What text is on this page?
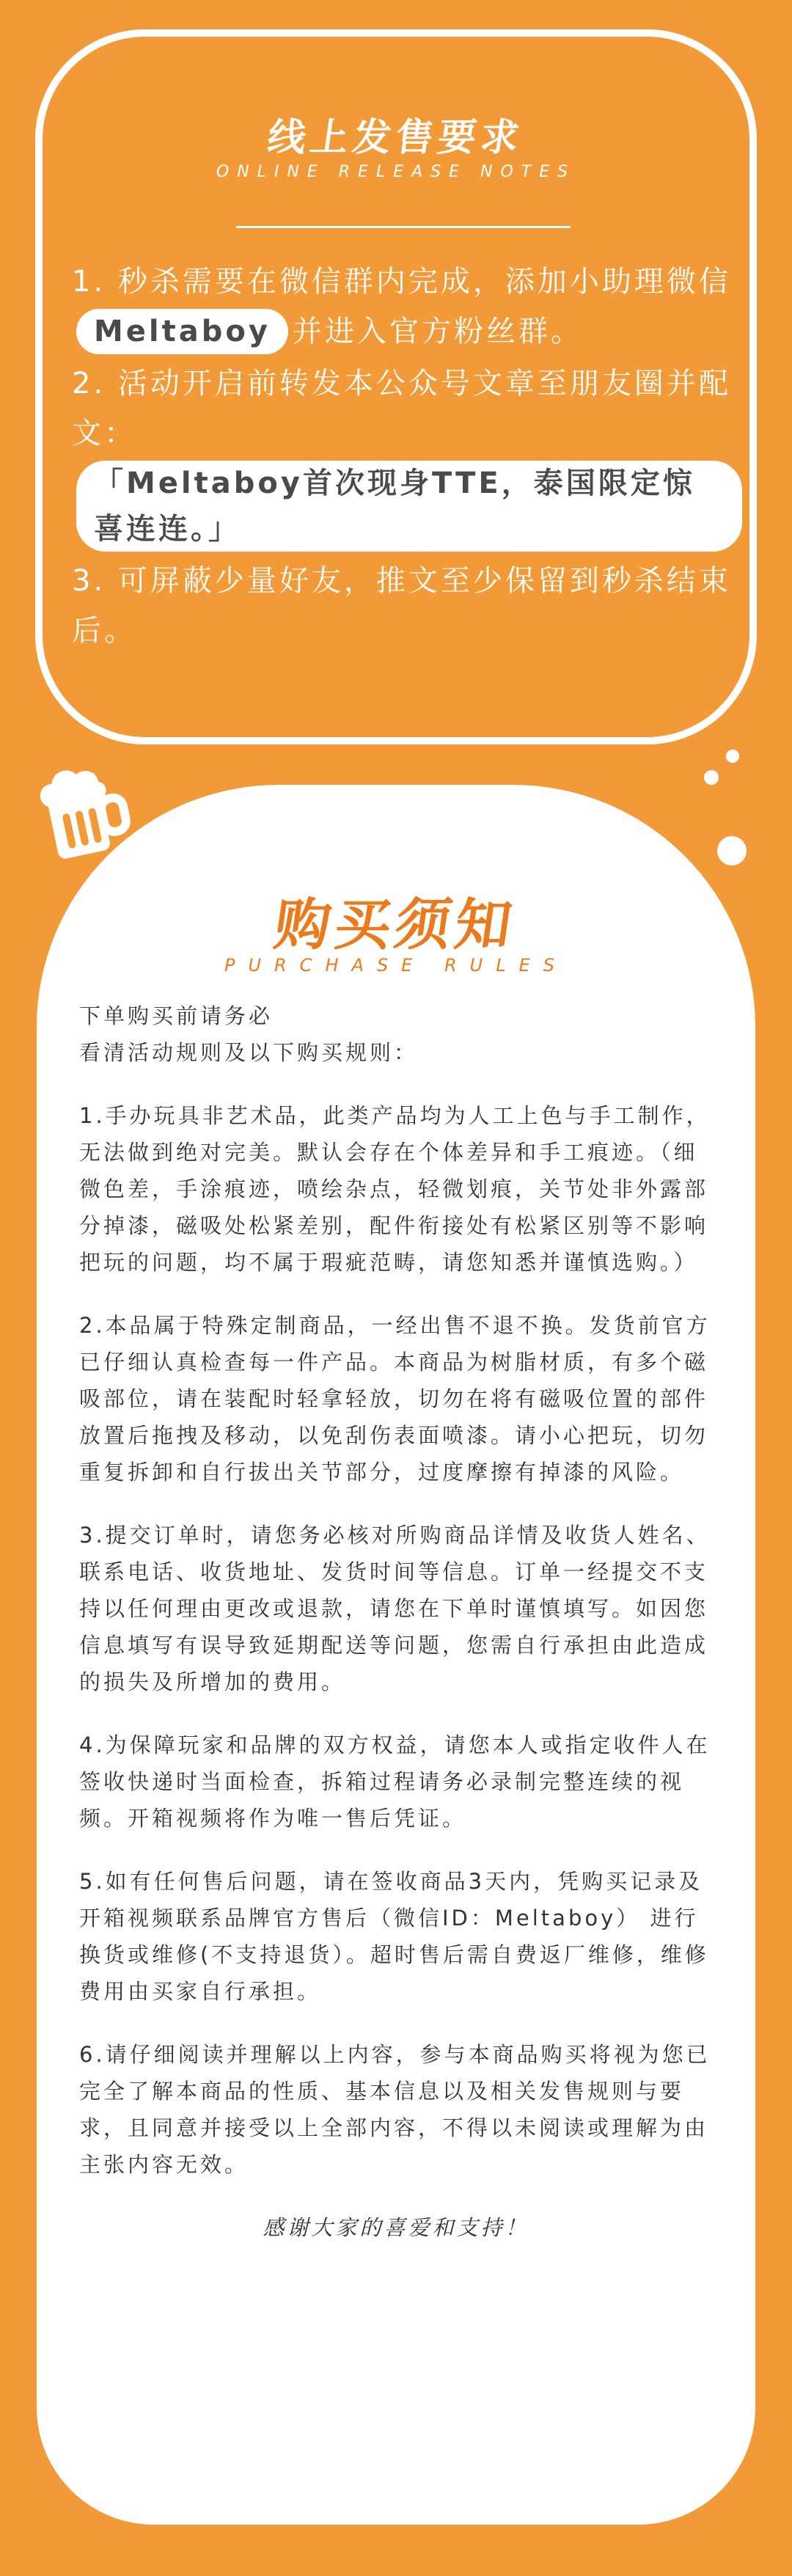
线上发售要求
ONLINE RELEASE NOTES

1. 秒杀需要在微信群内完成，添加小助理微信Meltaboy 并进入官方粉丝群。

2. 活动开启前转发本公众号文章至朋友圈并配文：「Meltaboy首次现身TTE，泰国限定惊喜连连。」

3. 可屏蔽少量好友，推文至少保留到秒杀结束后。

购买须知
PURCHASE RULES

下单购买前请务必
看清活动规则及以下购买规则：

1.手办玩具非艺术品，此类产品均为人工上色与手工制作，无法做到绝对完美。默认会存在个体差异和手工痕迹。（细微色差，手涂痕迹，喷绘杂点，轻微划痕，关节处非外露部分掉漆，磁吸处松紧差别，配件衔接处有松紧区别等不影响把玩的问题，均不属于瑕疵范畴，请您知悉并谨慎选购。）

2.本品属于特殊定制商品，一经出售不退不换。发货前官方已仔细认真检查每一件产品。本商品为树脂材质，有多个磁吸部位，请在装配时轻拿轻放，切勿在将有磁吸位置的部件放置后拖拽及移动，以免刮伤表面喷漆。请小心把玩，切勿重复拆卸和自行拔出关节部分，过度摩擦有掉漆的风险。

3.提交订单时，请您务必核对所购商品详情及收货人姓名、联系电话、收货地址、发货时间等信息。订单一经提交不支持以任何理由更改或退款，请您在下单时谨慎填写。如因您信息填写有误导致延期配送等问题，您需自行承担由此造成的损失及所增加的费用。

4.为保障玩家和品牌的双方权益，请您本人或指定收件人在签收快递时当面检查，拆箱过程请务必录制完整连续的视频。开箱视频将作为唯一售后凭证。

5.如有任何售后问题，请在签收商品3天内，凭购买记录及开箱视频联系品牌官方售后（微信ID：Meltaboy） 进行换货或维修(不支持退货）。超时售后需自费返厂维修，维修费用由买家自行承担。

6.请仔细阅读并理解以上内容，参与本商品购买将视为您已完全了解本商品的性质、基本信息以及相关发售规则与要求，且同意并接受以上全部内容，不得以未阅读或理解为由主张内容无效。

感谢大家的喜爱和支持！
